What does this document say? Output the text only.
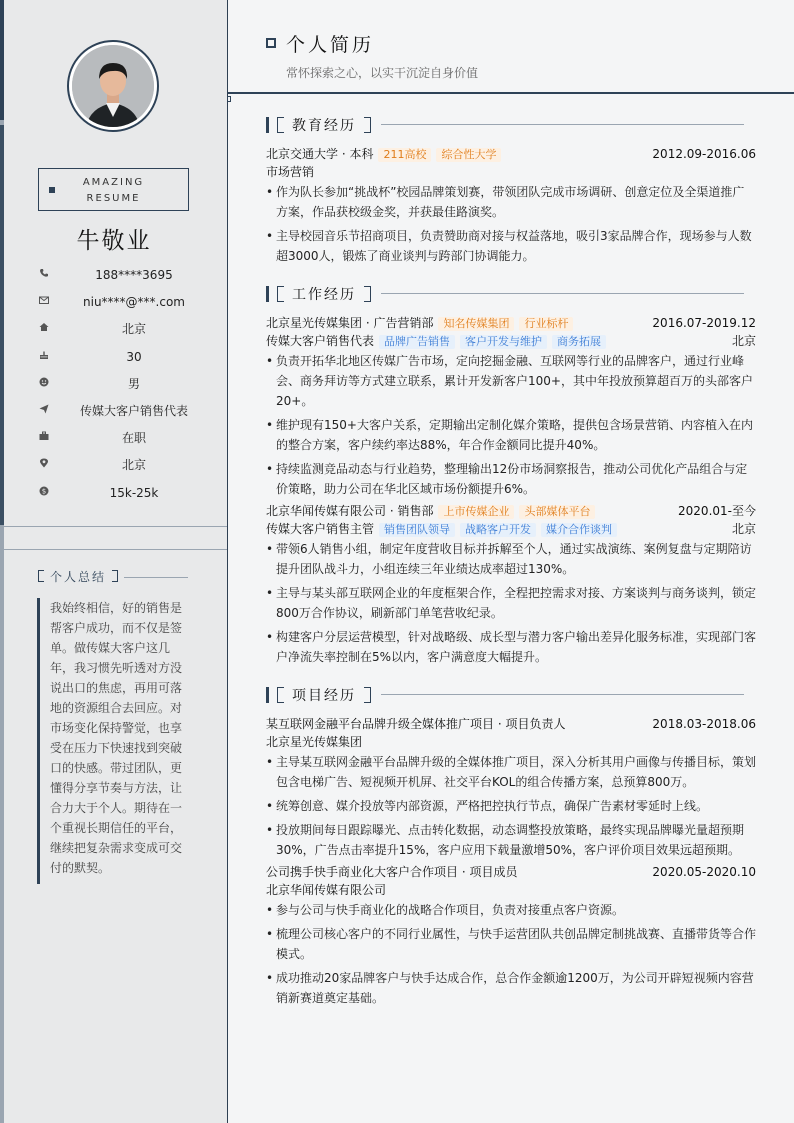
AMAZING
RESUME
牛敬业
188****3695
niu****@***.com
北京
30
男
传媒大客户销售代表
在职
北京
$	15k-25k
个人总结
我始终相信，好的销售是帮客户成功，而不仅是签单。做传媒大客户这几年，我习惯先听透对方没说出口的焦虑，再用可落地的资源组合去回应。对市场变化保持警觉，也享受在压力下快速找到突破口的快感。带过团队，更懂得分享节奏与方法，让合力大于个人。期待在一个重视长期信任的平台，继续把复杂需求变成可交付的默契。
个人简历
常怀探索之心，以实干沉淀自身价值
教育经历
北京交通大学 · 本科 211高校 综合性大学	2012.09-2016.06
市场营销
• 作为队长参加“挑战杯”校园品牌策划赛，带领团队完成市场调研、创意定位及全渠道推广方案，作品获校级金奖，并获最佳路演奖。
• 主导校园音乐节招商项目，负责赞助商对接与权益落地，吸引3家品牌合作，现场参与人数超3000人，锻炼了商业谈判与跨部门协调能力。
工作经历
北京星光传媒集团 · 广告营销部 知名传媒集团 行业标杆	2016.07-2019.12
传媒大客户销售代表 品牌广告销售 客户开发与维护 商务拓展	北京
• 负责开拓华北地区传媒广告市场，定向挖掘金融、互联网等行业的品牌客户，通过行业峰会、商务拜访等方式建立联系，累计开发新客户100+，其中年投放预算超百万的头部客户20+。
• 维护现有150+大客户关系，定期输出定制化媒介策略，提供包含场景营销、内容植入在内的整合方案，客户续约率达88%，年合作金额同比提升40%。
• 持续监测竞品动态与行业趋势，整理输出12份市场洞察报告，推动公司优化产品组合与定价策略，助力公司在华北区域市场份额提升6%。
北京华闻传媒有限公司 · 销售部 上市传媒企业 头部媒体平台	2020.01-至今
传媒大客户销售主管 销售团队领导 战略客户开发 媒介合作谈判	北京
• 带领6人销售小组，制定年度营收目标并拆解至个人，通过实战演练、案例复盘与定期陪访提升团队战斗力，小组连续三年业绩达成率超过130%。
• 主导与某头部互联网企业的年度框架合作，全程把控需求对接、方案谈判与商务谈判，锁定800万合作协议，刷新部门单笔营收纪录。
• 构建客户分层运营模型，针对战略级、成长型与潜力客户输出差异化服务标准，实现部门客户净流失率控制在5%以内，客户满意度大幅提升。
项目经历
某互联网金融平台品牌升级全媒体推广项目 · 项目负责人	2018.03-2018.06
北京星光传媒集团
• 主导某互联网金融平台品牌升级的全媒体推广项目，深入分析其用户画像与传播目标，策划包含电梯广告、短视频开机屏、社交平台KOL的组合传播方案，总预算800万。
• 统筹创意、媒介投放等内部资源，严格把控执行节点，确保广告素材零延时上线。
• 投放期间每日跟踪曝光、点击转化数据，动态调整投放策略，最终实现品牌曝光量超预期30%，广告点击率提升15%，客户应用下载量激增50%，客户评价项目效果远超预期。
公司携手快手商业化大客户合作项目 · 项目成员	2020.05-2020.10
北京华闻传媒有限公司
• 参与公司与快手商业化的战略合作项目，负责对接重点客户资源。
• 梳理公司核心客户的不同行业属性，与快手运营团队共创品牌定制挑战赛、直播带货等合作模式。
• 成功推动20家品牌客户与快手达成合作，总合作金额逾1200万，为公司开辟短视频内容营销新赛道奠定基础。
